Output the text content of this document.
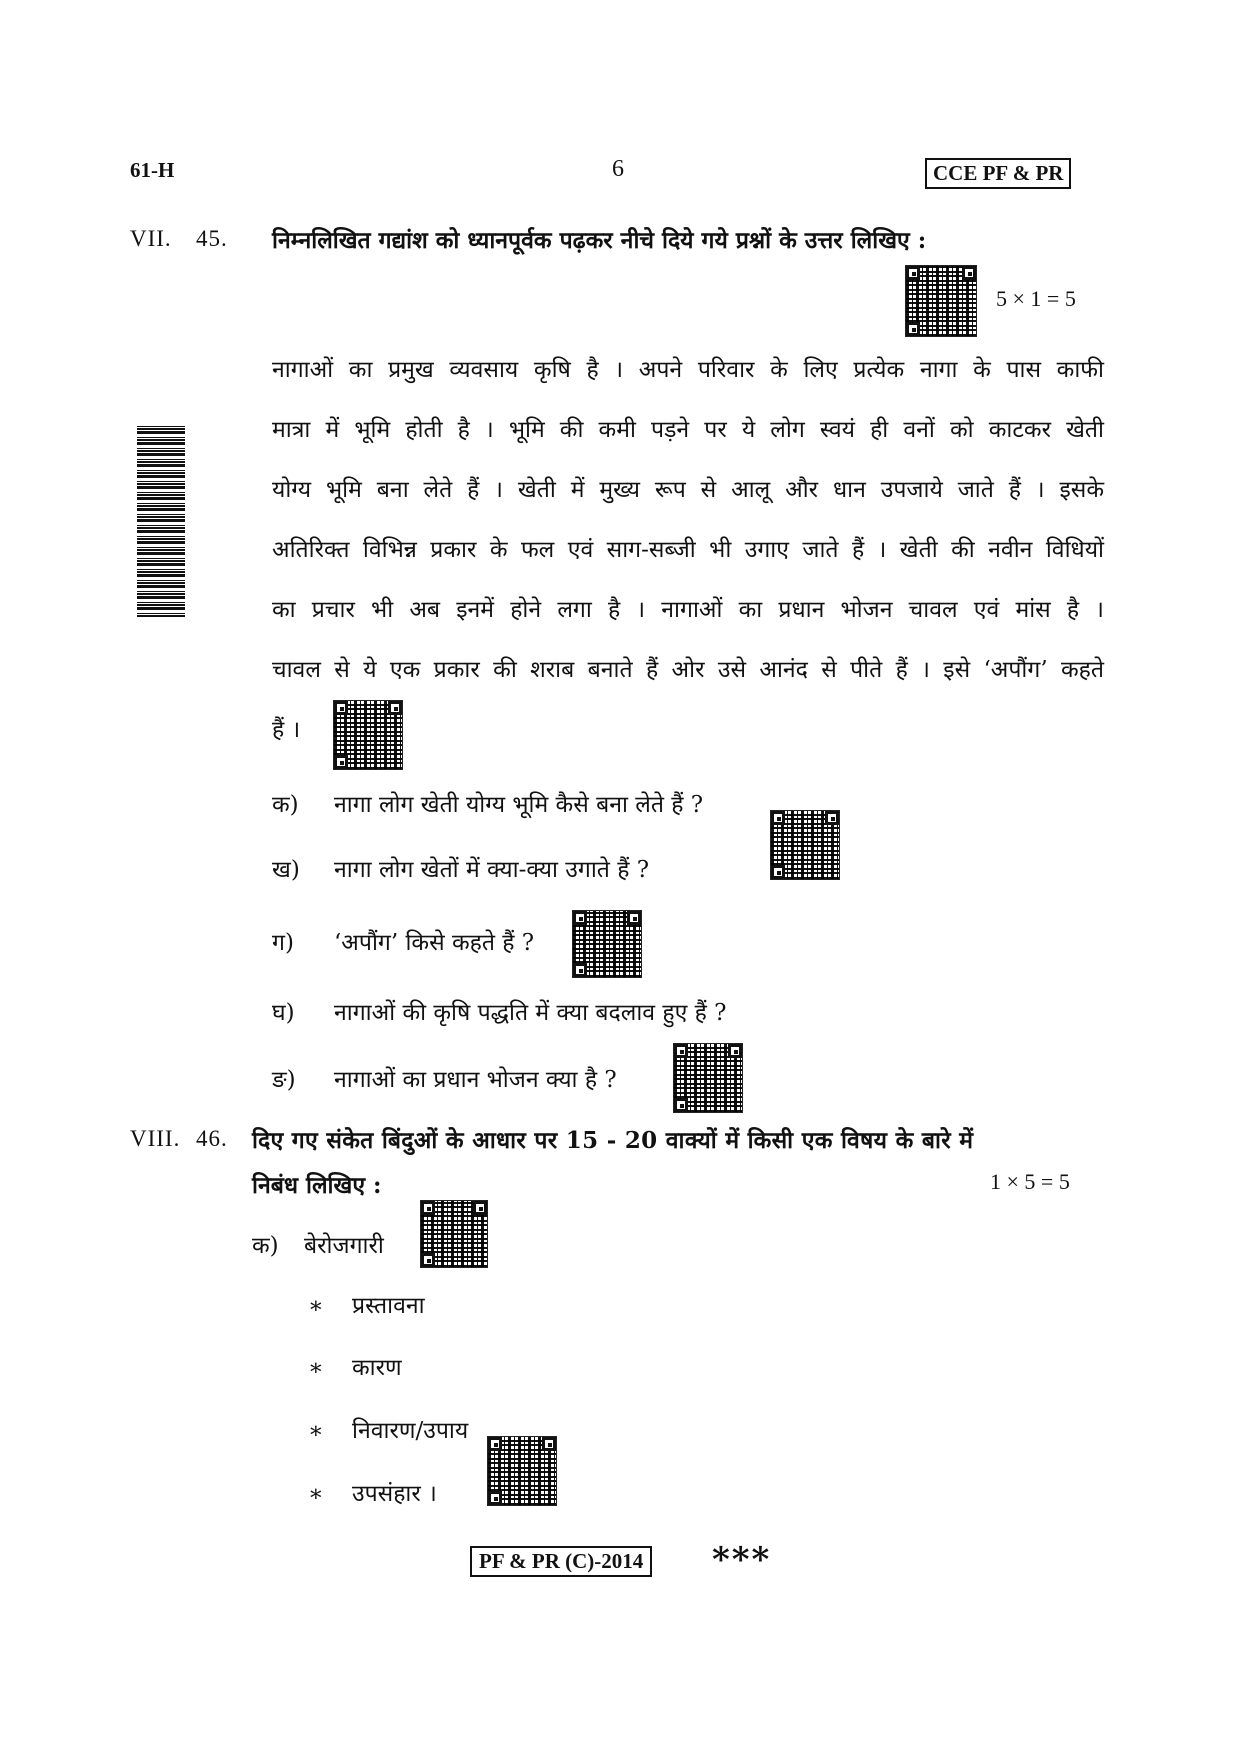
61-H	6	CCE PF & PR
VII. 45. निम्नलिखित गद्यांश को ध्यानपूर्वक पढ़कर नीचे दिये गये प्रश्नों के उत्तर लिखिए :
5 × 1 = 5
नागाओं का प्रमुख व्यवसाय कृषि है । अपने परिवार के लिए प्रत्येक नागा के पास काफी
मात्रा में भूमि होती है । भूमि की कमी पड़ने पर ये लोग स्वयं ही वनों को काटकर खेती
योग्य भूमि बना लेते हैं । खेती में मुख्य रूप से आलू और धान उपजाये जाते हैं । इसके
अतिरिक्त विभिन्न प्रकार के फल एवं साग-सब्जी भी उगाए जाते हैं । खेती की नवीन विधियों
का प्रचार भी अब इनमें होने लगा है । नागाओं का प्रधान भोजन चावल एवं मांस है ।
चावल से ये एक प्रकार की शराब बनाते हैं ओर उसे आनंद से पीते हैं । इसे ‘अपौंग’ कहते
हैं ।
क) नागा लोग खेती योग्य भूमि कैसे बना लेते हैं ?
ख) नागा लोग खेतों में क्या-क्या उगाते हैं ?
ग) ‘अपौंग’ किसे कहते हैं ?
घ) नागाओं की कृषि पद्धति में क्या बदलाव हुए हैं ?
ङ) नागाओं का प्रधान भोजन क्या है ?
VIII. 46. दिए गए संकेत बिंदुओं के आधार पर 15 - 20 वाक्यों में किसी एक विषय के बारे में
निबंध लिखिए :	1 × 5 = 5
क) बेरोजगारी
∗ प्रस्तावना
∗ कारण
∗ निवारण/उपाय
∗ उपसंहार ।
PF & PR (C)-2014 ***
